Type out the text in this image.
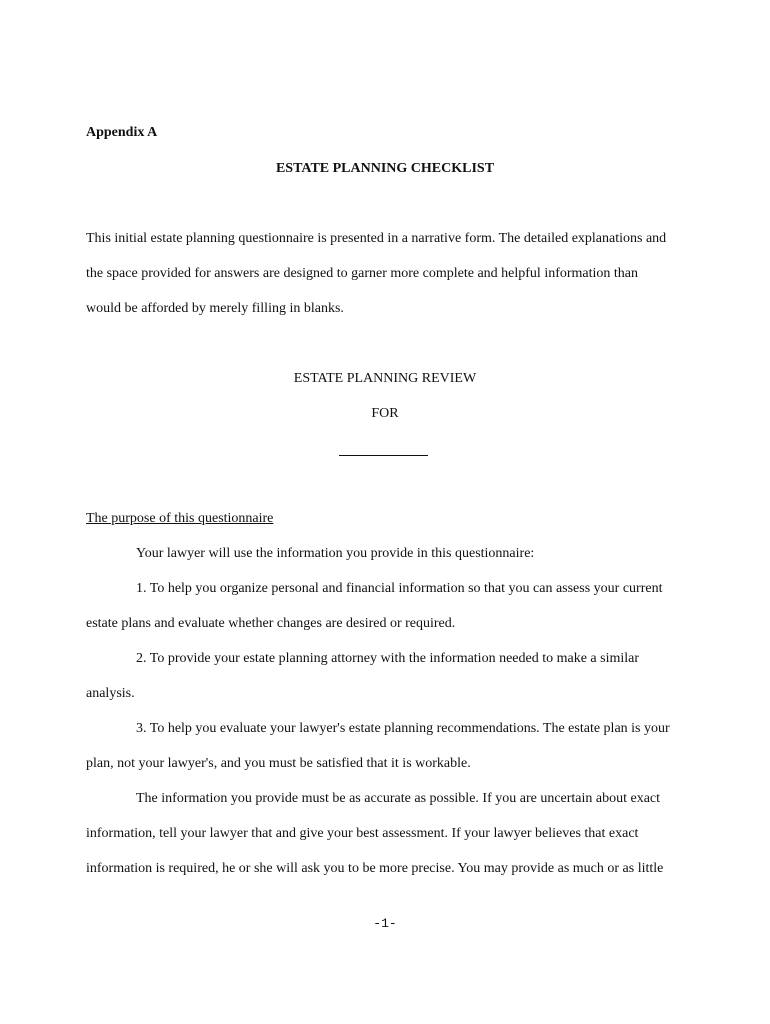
Appendix A
ESTATE PLANNING CHECKLIST
This initial estate planning questionnaire is presented in a narrative form. The detailed explanations and
the space provided for answers are designed to garner more complete and helpful information than
would be afforded by merely filling in blanks.
ESTATE PLANNING REVIEW
FOR
The purpose of this questionnaire
Your lawyer will use the information you provide in this questionnaire:
1. To help you organize personal and financial information so that you can assess your current
estate plans and evaluate whether changes are desired or required.
2. To provide your estate planning attorney with the information needed to make a similar
analysis.
3. To help you evaluate your lawyer's estate planning recommendations. The estate plan is your
plan, not your lawyer's, and you must be satisfied that it is workable.
The information you provide must be as accurate as possible. If you are uncertain about exact
information, tell your lawyer that and give your best assessment. If your lawyer believes that exact
information is required, he or she will ask you to be more precise. You may provide as much or as little
-1-
